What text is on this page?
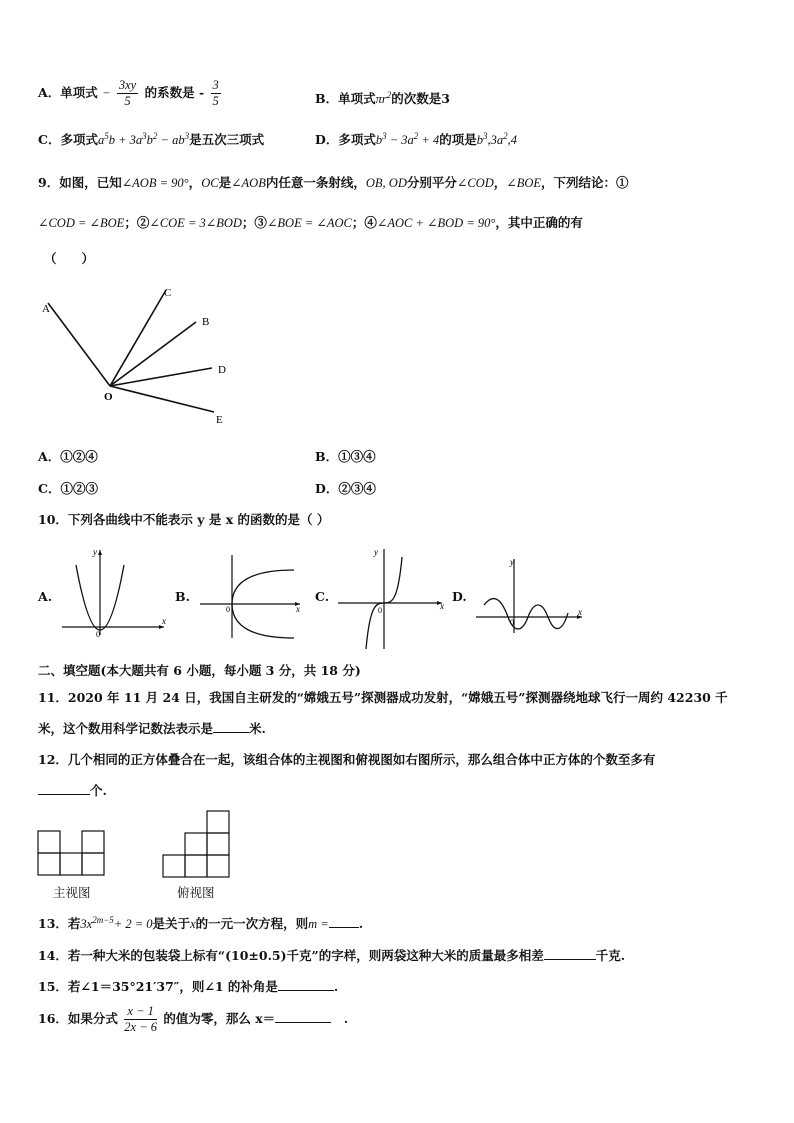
A．单项式 − $\frac{3xy}{5}$ 的系数是 - $\frac{3}{5}$	B．单项式$\pi r^2$的次数是3
C．多项式$a^5b + 3a^3b^2 - ab^3$是五次三项式	D．多项式$b^3 - 3a^2 + 4$的项是$b^3,3a^2,4$
9．如图，已知∠AOB = 90°，OC是∠AOB内任意一条射线，OB, OD分别平分∠COD，∠BOE，下列结论：①
∠COD = ∠BOE；②∠COE = 3∠BOD；③∠BOE = ∠AOC；④∠AOC + ∠BOD = 90°，其中正确的有
（　　）
A
C
B
D
E
O
A．①②④	B．①③④
C．①②③	D．②③④
10．下列各曲线中不能表示 y 是 x 的函数的是（ ）
A.
y
x
0
B.
x
0
C.
y
x
0
D.
y
x
0
二、填空题(本大题共有 6 小题，每小题 3 分，共 18 分)
11．2020 年 11 月 24 日，我国自主研发的“嫦娥五号”探测器成功发射，“嫦娥五号”探测器绕地球飞行一周约 42230 千
米，这个数用科学记数法表示是	米.
12．几个相同的正方体叠合在一起，该组合体的主视图和俯视图如右图所示，那么组合体中正方体的个数至多有
个.
主视图	俯视图
13．若$3x^{2m-5}+ 2 = 0$是关于x的一元一次方程，则m = .
14．若一种大米的包装袋上标有“(10±0.5)千克”的字样，则两袋这种大米的质量最多相差	千克.
15．若∠1＝35°21′37″，则∠1 的补角是	.
16．如果分式 $\frac{x - 1}{2x - 6}$ 的值为零，那么 x＝　	.
